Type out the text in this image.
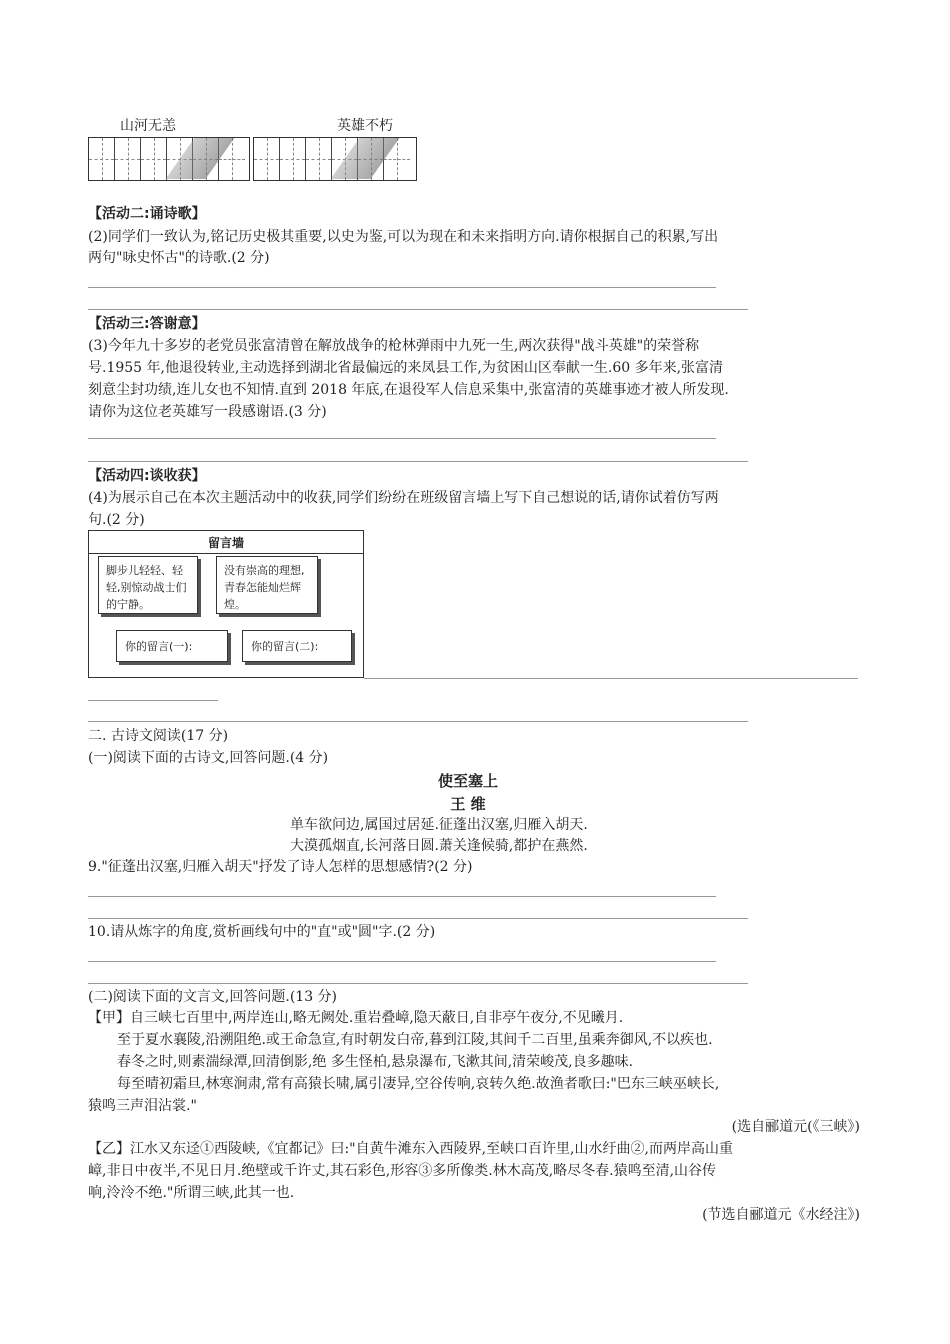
山河无恙	英雄不朽
【活动二:诵诗歌】
(2)同学们一致认为,铭记历史极其重要,以史为鉴,可以为现在和未来指明方向.请你根据自己的积累,写出
两句"咏史怀古"的诗歌.(2 分)
【活动三:答谢意】
(3)今年九十多岁的老党员张富清曾在解放战争的枪林弹雨中九死一生,两次获得"战斗英雄"的荣誉称
号.1955 年,他退役转业,主动选择到湖北省最偏远的来凤县工作,为贫困山区奉献一生.60 多年来,张富清
刻意尘封功绩,连儿女也不知情.直到 2018 年底,在退役军人信息采集中,张富清的英雄事迹才被人所发现.
请你为这位老英雄写一段感谢语.(3 分)
【活动四:谈收获】
(4)为展示自己在本次主题活动中的收获,同学们纷纷在班级留言墙上写下自己想说的话,请你试着仿写两
句.(2 分)
留言墙
脚步儿轻轻、轻轻,别惊动战士们的宁静。
没有崇高的理想,青春怎能灿烂辉煌。
你的留言(一):	你的留言(二):
二. 古诗文阅读(17 分)
(一)阅读下面的古诗文,回答问题.(4 分)
使至塞上
王 维
单车欲问边,属国过居延.征蓬出汉塞,归雁入胡天.
大漠孤烟直,长河落日圆.萧关逢候骑,都护在燕然.
9."征蓬出汉塞,归雁入胡天"抒发了诗人怎样的思想感情?(2 分)
10.请从炼字的角度,赏析画线句中的"直"或"圆"字.(2 分)
(二)阅读下面的文言文,回答问题.(13 分)
【甲】自三峡七百里中,两岸连山,略无阙处.重岩叠嶂,隐天蔽日,自非亭午夜分,不见曦月.
至于夏水襄陵,沿溯阻绝.或王命急宣,有时朝发白帝,暮到江陵,其间千二百里,虽乘奔御风,不以疾也.
春冬之时,则素湍绿潭,回清倒影,绝 多生怪柏,悬泉瀑布,飞漱其间,清荣峻茂,良多趣味.
每至晴初霜旦,林寒涧肃,常有高猿长啸,属引凄异,空谷传响,哀转久绝.故渔者歌曰:"巴东三峡巫峡长,
猿鸣三声泪沾裳."
(选自郦道元(《三峡》)
【乙】江水又东迳①西陵峡,《宜都记》曰:"自黄牛滩东入西陵界,至峡口百许里,山水纡曲②,而两岸高山重
嶂,非日中夜半,不见日月.绝壁或千许丈,其石彩色,形容③多所像类.林木高茂,略尽冬春.猿鸣至清,山谷传
响,泠泠不绝."所谓三峡,此其一也.
(节选自郦道元《水经注》)
